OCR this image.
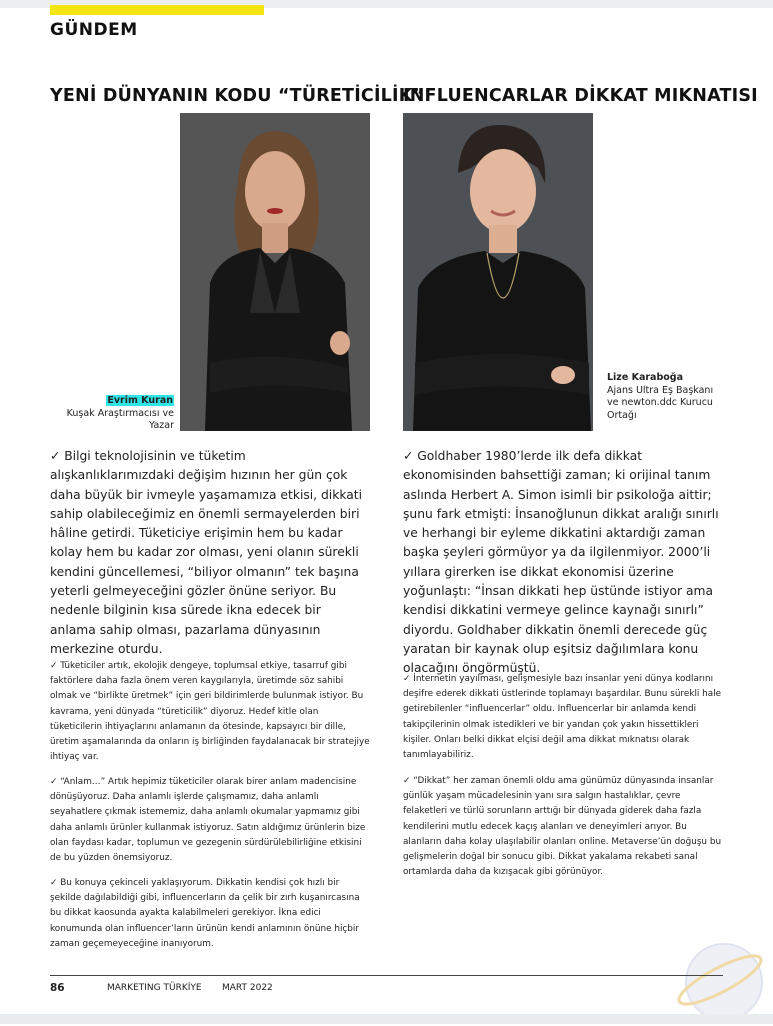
GÜNDEM
YENİ DÜNYANIN KODU “TÜRETİCİLİK”
INFLUENCARLAR DİKKAT MIKNATISI
Evrim Kuran
Kuşak Araştırmacısı ve Yazar
Lize Karaboğa
Ajans Ultra Eş Başkanı ve newton.ddc Kurucu Ortağı
✓ Bilgi teknolojisinin ve tüketim alışkanlıklarımızdaki değişim hızının her gün çok daha büyük bir ivmeyle yaşamamıza etkisi, dikkati sahip olabileceğimiz en önemli sermayelerden biri hâline getirdi. Tüketiciye erişimin hem bu kadar kolay hem bu kadar zor olması, yeni olanın sürekli kendini güncellemesi, “biliyor olmanın” tek başına yeterli gelmeyeceğini gözler önüne seriyor. Bu nedenle bilginin kısa sürede ikna edecek bir anlama sahip olması, pazarlama dünyasının merkezine oturdu.
✓ Goldhaber 1980’lerde ilk defa dikkat ekonomisinden bahsettiği zaman; ki orijinal tanım aslında Herbert A. Simon isimli bir psikoloğa aittir; şunu fark etmişti: İnsanoğlunun dikkat aralığı sınırlı ve herhangi bir eyleme dikkatini aktardığı zaman başka şeyleri görmüyor ya da ilgilenmiyor. 2000’li yıllara girerken ise dikkat ekonomisi üzerine yoğunlaştı: “İnsan dikkati hep üstünde istiyor ama kendisi dikkatini vermeye gelince kaynağı sınırlı” diyordu. Goldhaber dikkatin önemli derecede güç yaratan bir kaynak olup eşitsiz dağılımlara konu olacağını öngörmüştü.
✓ Tüketiciler artık, ekolojik dengeye, toplumsal etkiye, tasarruf gibi faktörlere daha fazla önem veren kaygılarıyla, üretimde söz sahibi olmak ve “birlikte üretmek” için geri bildirimlerde bulunmak istiyor. Bu kavrama, yeni dünyada “türeticilik” diyoruz. Hedef kitle olan tüketicilerin ihtiyaçlarını anlamanın da ötesinde, kapsayıcı bir dille, üretim aşamalarında da onların iş birliğinden faydalanacak bir stratejiye ihtiyaç var.
✓ “Anlam…” Artık hepimiz tüketiciler olarak birer anlam madencisine dönüşüyoruz. Daha anlamlı işlerde çalışmamız, daha anlamlı seyahatlere çıkmak istememiz, daha anlamlı okumalar yapmamız gibi daha anlamlı ürünler kullanmak istiyoruz. Satın aldığımız ürünlerin bize olan faydası kadar, toplumun ve gezegenin sürdürülebilirliğine etkisini de bu yüzden önemsiyoruz.
✓ Bu konuya çekinceli yaklaşıyorum. Dikkatin kendisi çok hızlı bir şekilde dağılabildiği gibi, influencerların da çelik bir zırh kuşanırcasına bu dikkat kaosunda ayakta kalabilmeleri gerekiyor. İkna edici konumunda olan influencer’ların ürünün kendi anlamının önüne hiçbir zaman geçemeyeceğine inanıyorum.
✓ İnternetin yayılması, gelişmesiyle bazı insanlar yeni dünya kodlarını deşifre ederek dikkati üstlerinde toplamayı başardılar. Bunu sürekli hale getirebilenler “influencerlar” oldu. Influencerlar bir anlamda kendi takipçilerinin olmak istedikleri ve bir yandan çok yakın hissettikleri kişiler. Onları belki dikkat elçisi değil ama dikkat mıknatısı olarak tanımlayabiliriz.
✓ “Dikkat” her zaman önemli oldu ama günümüz dünyasında insanlar günlük yaşam mücadelesinin yanı sıra salgın hastalıklar, çevre felaketleri ve türlü sorunların arttığı bir dünyada giderek daha fazla kendilerini mutlu edecek kaçış alanları ve deneyimleri arıyor. Bu alanların daha kolay ulaşılabilir olanları online. Metaverse’ün doğuşu bu gelişmelerin doğal bir sonucu gibi. Dikkat yakalama rekabeti sanal ortamlarda daha da kızışacak gibi görünüyor.
86	MARKETING TÜRKİYE MART 2022
